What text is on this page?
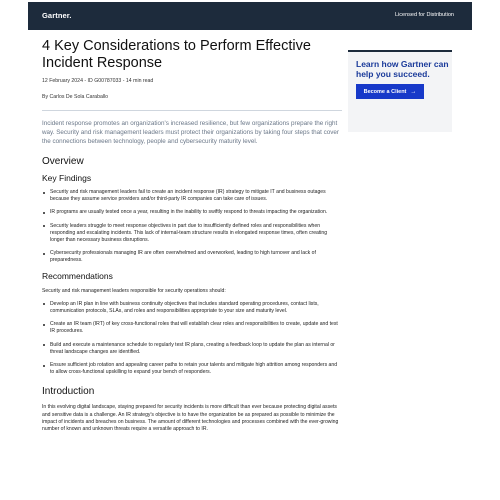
Gartner.	Licensed for Distribution
4 Key Considerations to Perform Effective Incident Response
12 February 2024 - ID G00787033 - 14 min read
By Carlos De Sola Caraballo

Incident response promotes an organization's increased resilience, but few organizations prepare the right way. Security and risk management leaders must protect their organizations by taking four steps that cover the connections between technology, people and cybersecurity maturity level.

Overview
Key Findings
Security and risk management leaders fail to create an incident response (IR) strategy to mitigate IT and business outages because they assume service providers and/or third-party IR companies can take care of issues.
IR programs are usually tested once a year, resulting in the inability to swiftly respond to threats impacting the organization.
Security leaders struggle to meet response objectives in part due to insufficiently defined roles and responsibilities when responding and escalating incidents. This lack of internal-team structure results in elongated response times, often creating longer than necessary business disruptions.
Cybersecurity professionals managing IR are often overwhelmed and overworked, leading to high turnover and lack of preparedness.
Recommendations

Security and risk management leaders responsible for security operations should:

Develop an IR plan in line with business continuity objectives that includes standard operating procedures, contact lists, communication protocols, SLAs, and roles and responsibilities appropriate to your size and maturity level.
Create an IR team (IRT) of key cross-functional roles that will establish clear roles and responsibilities to create, update and test IR procedures.
Build and execute a maintenance schedule to regularly test IR plans, creating a feedback loop to update the plan as internal or threat landscape changes are identified.
Ensure sufficient job rotation and appealing career paths to retain your talents and mitigate high attrition among responders and to allow cross-functional upskilling to expand your bench of responders.
Introduction

In this evolving digital landscape, staying prepared for security incidents is more difficult than ever because protecting digital assets and sensitive data is a challenge. An IR strategy's objective is to have the organization be as prepared as possible to minimize the impact of incidents and breaches on business. The amount of different technologies and processes combined with the ever-growing number of known and unknown threats require a versatile approach to IR.

Learn how Gartner can help you succeed.
Become a Client →
